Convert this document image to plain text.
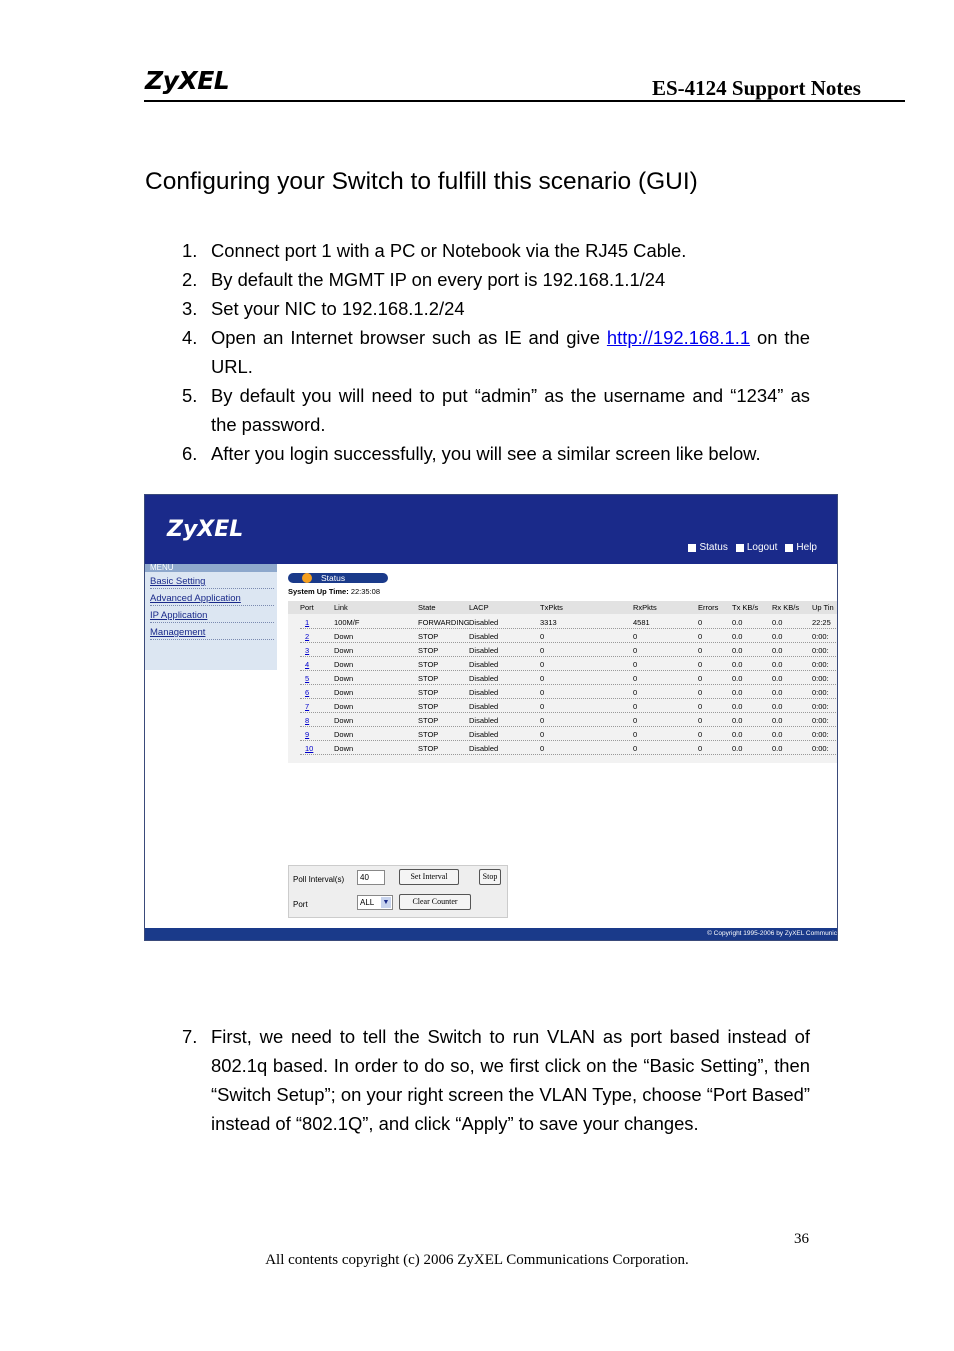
ZyXEL	ES-4124 Support Notes
Configuring your Switch to fulfill this scenario (GUI)
1. Connect port 1 with a PC or Notebook via the RJ45 Cable.
2. By default the MGMT IP on every port is 192.168.1.1/24
3. Set your NIC to 192.168.1.2/24
4. Open an Internet browser such as IE and give http://192.168.1.1 on the URL.
5. By default you will need to put “admin” as the username and “1234” as the password.
6. After you login successfully, you will see a similar screen like below.
ZyXEL
Status Logout Help
MENU
Basic Setting
Advanced Application
IP Application
Management
Status
System Up Time: 22:35:08
Port	Link	State	LACP	TxPkts	RxPkts	Errors Tx KB/s Rx KB/s Up Tin
1	100M/F	FORWARDING Disabled	3313	4581	0	0.0	0.0	22:25
2	Down	STOP	Disabled	0	0	0	0.0	0.0	0:00:
3	Down	STOP	Disabled	0	0	0	0.0	0.0	0:00:
4	Down	STOP	Disabled	0	0	0	0.0	0.0	0:00:
5	Down	STOP	Disabled	0	0	0	0.0	0.0	0:00:
6	Down	STOP	Disabled	0	0	0	0.0	0.0	0:00:
7	Down	STOP	Disabled	0	0	0	0.0	0.0	0:00:
8	Down	STOP	Disabled	0	0	0	0.0	0.0	0:00:
9	Down	STOP	Disabled	0	0	0	0.0	0.0	0:00:
10	Down	STOP	Disabled	0	0	0	0.0	0.0	0:00:
Poll Interval(s)	40	Set Interval	Stop
Port	ALL ▼	Clear Counter
© Copyright 1995-2006 by ZyXEL Communic
7. First, we need to tell the Switch to run VLAN as port based instead of 802.1q based. In order to do so, we first click on the “Basic Setting”, then “Switch Setup”; on your right screen the VLAN Type, choose “Port Based” instead of “802.1Q”, and click “Apply” to save your changes.
36
All contents copyright (c) 2006 ZyXEL Communications Corporation.
